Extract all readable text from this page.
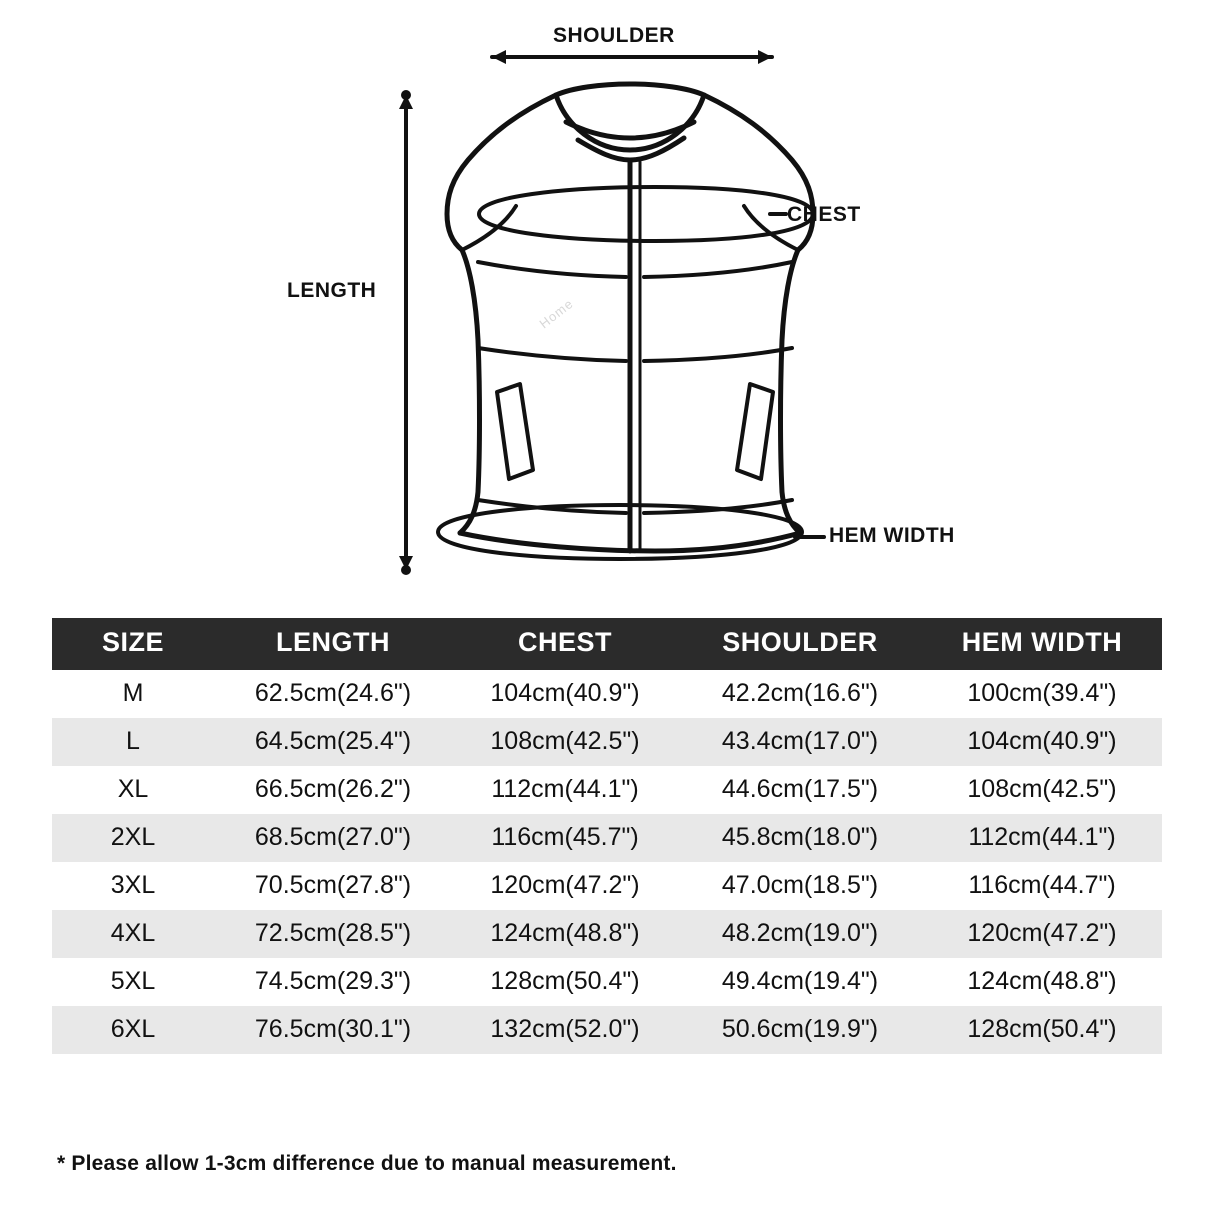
SHOULDER
CHEST
LENGTH
HEM WIDTH
Home
SIZE	LENGTH	CHEST	SHOULDER	HEM WIDTH
M	62.5cm(24.6")	104cm(40.9")	42.2cm(16.6")	100cm(39.4")
L	64.5cm(25.4")	108cm(42.5")	43.4cm(17.0")	104cm(40.9")
XL	66.5cm(26.2")	112cm(44.1")	44.6cm(17.5")	108cm(42.5")
2XL	68.5cm(27.0")	116cm(45.7")	45.8cm(18.0")	112cm(44.1")
3XL	70.5cm(27.8")	120cm(47.2")	47.0cm(18.5")	116cm(44.7")
4XL	72.5cm(28.5")	124cm(48.8")	48.2cm(19.0")	120cm(47.2")
5XL	74.5cm(29.3")	128cm(50.4")	49.4cm(19.4")	124cm(48.8")
6XL	76.5cm(30.1")	132cm(52.0")	50.6cm(19.9")	128cm(50.4")
* Please allow 1-3cm difference due to manual measurement.
